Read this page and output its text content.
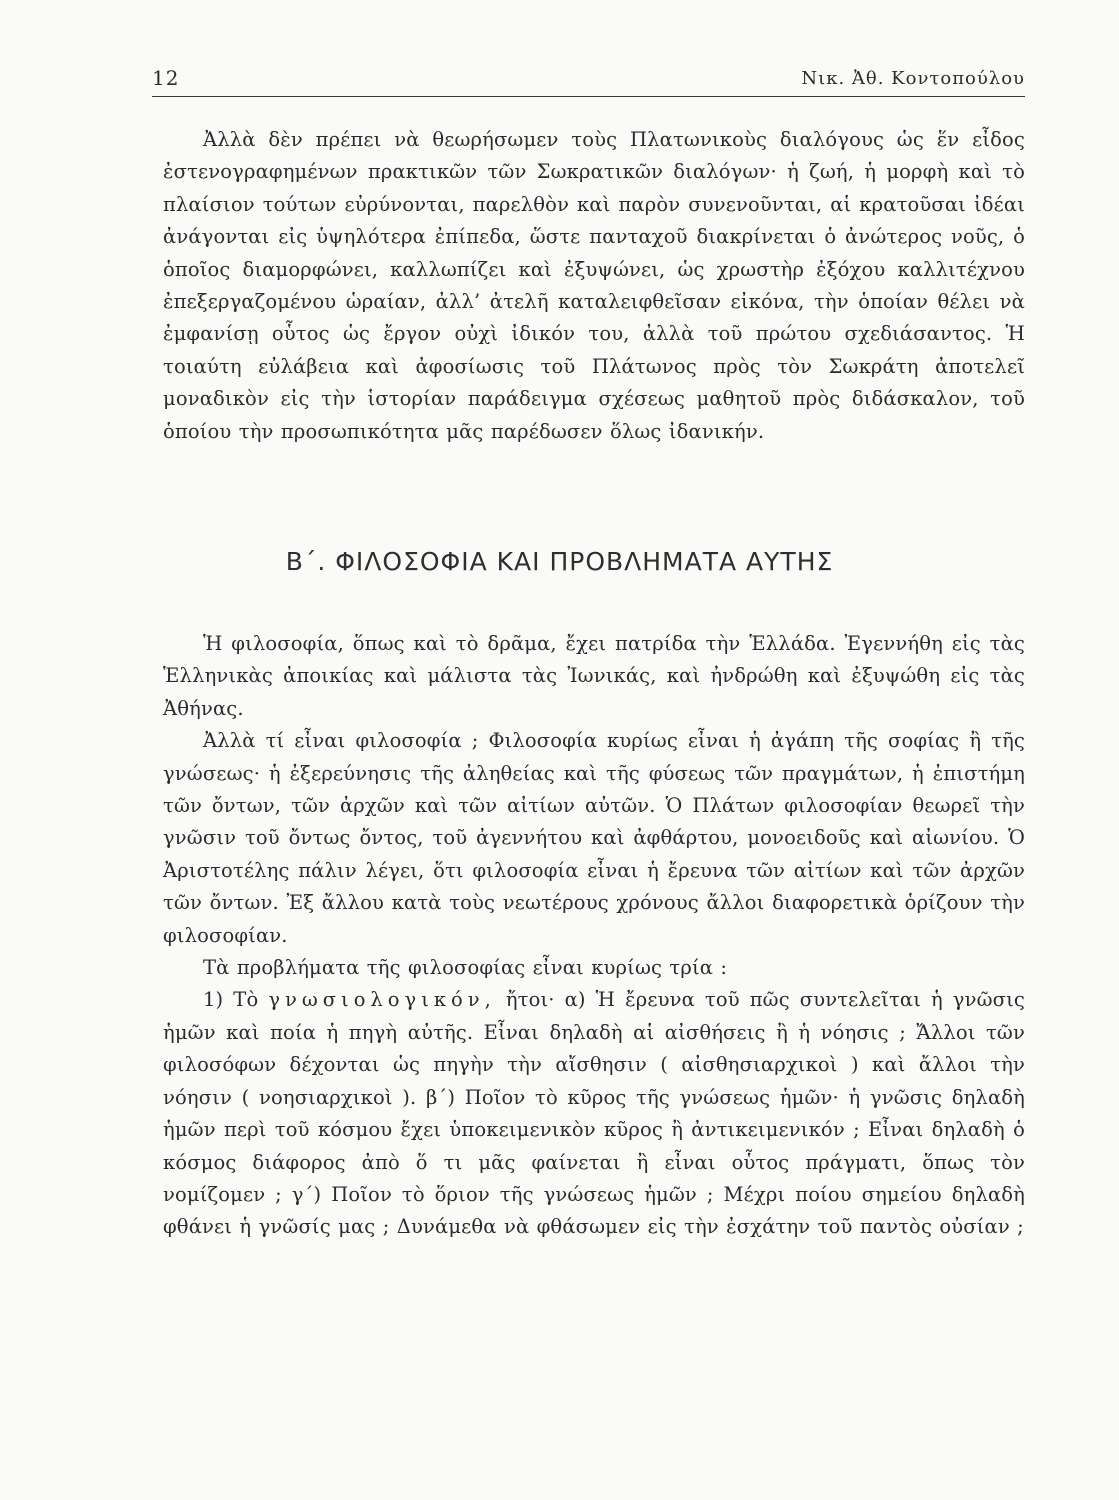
12	Νικ. Ἀθ. Κοντοπούλου

Ἀλλὰ δὲν πρέπει νὰ θεωρήσωμεν τοὺς Πλατωνικοὺς διαλόγους ὡς ἕν εἶδος ἐστενογραφημένων πρακτικῶν τῶν Σωκρατικῶν διαλόγων· ἡ ζωή, ἡ μορφὴ καὶ τὸ πλαίσιον τούτων εὐρύνονται, παρελθὸν καὶ παρὸν συνενοῦνται, αἱ κρατοῦσαι ἰδέαι ἀνάγονται εἰς ὑψηλότερα ἐπίπεδα, ὥστε πανταχοῦ διακρίνεται ὁ ἀνώτερος νοῦς, ὁ ὁποῖος διαμορφώνει, καλλωπίζει καὶ ἐξυψώνει, ὡς χρωστὴρ ἐξόχου καλλιτέχνου ἐπεξεργαζομένου ὡραίαν, ἀλλ’ ἀτελῆ καταλειφθεῖσαν εἰκόνα, τὴν ὁποίαν θέλει νὰ ἐμφανίσῃ οὗτος ὡς ἔργον οὐχὶ ἰδικόν του, ἀλλὰ τοῦ πρώτου σχεδιάσαντος. Ἡ τοιαύτη εὐλάβεια καὶ ἀφοσίωσις τοῦ Πλάτωνος πρὸς τὸν Σωκράτη ἀποτελεῖ μοναδικὸν εἰς τὴν ἱστορίαν παράδειγμα σχέσεως μαθητοῦ πρὸς διδάσκαλον, τοῦ ὁποίου τὴν προσωπικότητα μᾶς παρέδωσεν ὅλως ἰδανικήν.

Β΄. ΦΙΛΟΣΟΦΙΑ ΚΑΙ ΠΡΟΒΛΗΜΑΤΑ ΑΥΤΗΣ

Ἡ φιλοσοφία, ὅπως καὶ τὸ δρᾶμα, ἔχει πατρίδα τὴν Ἑλλάδα. Ἐγεννήθη εἰς τὰς Ἑλληνικὰς ἀποικίας καὶ μάλιστα τὰς Ἰωνικάς, καὶ ἠνδρώθη καὶ ἐξυψώθη εἰς τὰς Ἀθήνας.

Ἀλλὰ τί εἶναι φιλοσοφία ; Φιλοσοφία κυρίως εἶναι ἡ ἀγάπη τῆς σοφίας ἢ τῆς γνώσεως· ἡ ἐξερεύνησις τῆς ἀληθείας καὶ τῆς φύσεως τῶν πραγμάτων, ἡ ἐπιστήμη τῶν ὄντων, τῶν ἀρχῶν καὶ τῶν αἰτίων αὐτῶν. Ὁ Πλάτων φιλοσοφίαν θεωρεῖ τὴν γνῶσιν τοῦ ὄντως ὄντος, τοῦ ἀγεννήτου καὶ ἀφθάρτου, μονοειδοῦς καὶ αἰωνίου. Ὁ Ἀριστοτέλης πάλιν λέγει, ὅτι φιλοσοφία εἶναι ἡ ἔρευνα τῶν αἰτίων καὶ τῶν ἀρχῶν τῶν ὄντων. Ἐξ ἄλλου κατὰ τοὺς νεωτέρους χρόνους ἄλλοι διαφορετικὰ ὁρίζουν τὴν φιλοσοφίαν.

Τὰ προβλήματα τῆς φιλοσοφίας εἶναι κυρίως τρία :

1) Τὸ γνωσιολογικόν, ἤτοι· α) Ἡ ἔρευνα τοῦ πῶς συντελεῖται ἡ γνῶσις ἡμῶν καὶ ποία ἡ πηγὴ αὐτῆς. Εἶναι δηλαδὴ αἱ αἰσθήσεις ἢ ἡ νόησις ; Ἄλλοι τῶν φιλοσόφων δέχονται ὡς πηγὴν τὴν αἴσθησιν ( αἰσθησιαρχικοὶ ) καὶ ἄλλοι τὴν νόησιν ( νοησιαρχικοὶ ). β΄) Ποῖον τὸ κῦρος τῆς γνώσεως ἡμῶν· ἡ γνῶσις δηλαδὴ ἡμῶν περὶ τοῦ κόσμου ἔχει ὑποκειμενικὸν κῦρος ἢ ἀντικειμενικόν ; Εἶναι δηλαδὴ ὁ κόσμος διάφορος ἀπὸ ὅ τι μᾶς φαίνεται ἢ εἶναι οὗτος πράγματι, ὅπως τὸν νομίζομεν ; γ΄) Ποῖον τὸ ὅριον τῆς γνώσεως ἡμῶν ; Μέχρι ποίου σημείου δηλαδὴ φθάνει ἡ γνῶσίς μας ; Δυνάμεθα νὰ φθάσωμεν εἰς τὴν ἐσχάτην τοῦ παντὸς οὐσίαν ;
